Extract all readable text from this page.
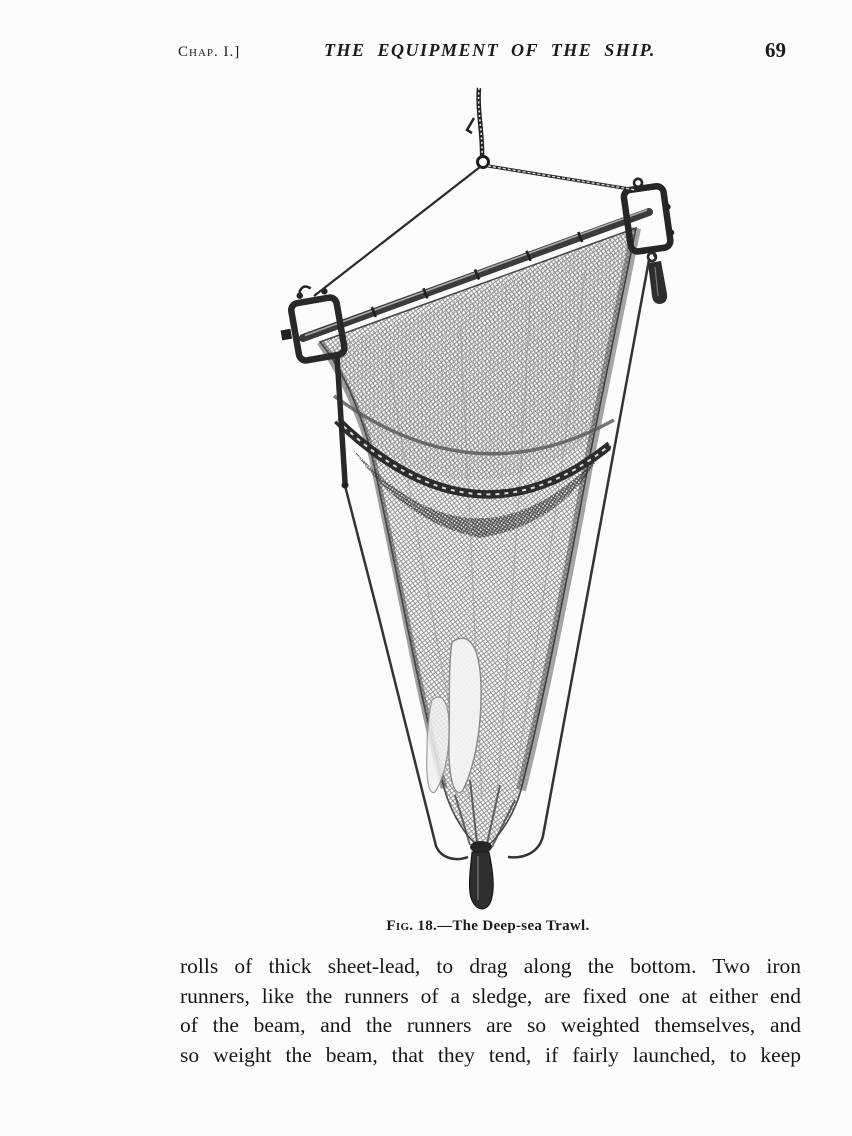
Chap. I.]	THE EQUIPMENT OF THE SHIP.	69
Fig. 18.—The Deep-sea Trawl.
rolls of thick sheet-lead, to drag along the bottom. Two iron
runners, like the runners of a sledge, are fixed one at either end
of the beam, and the runners are so weighted themselves, and
so weight the beam, that they tend, if fairly launched, to keep
